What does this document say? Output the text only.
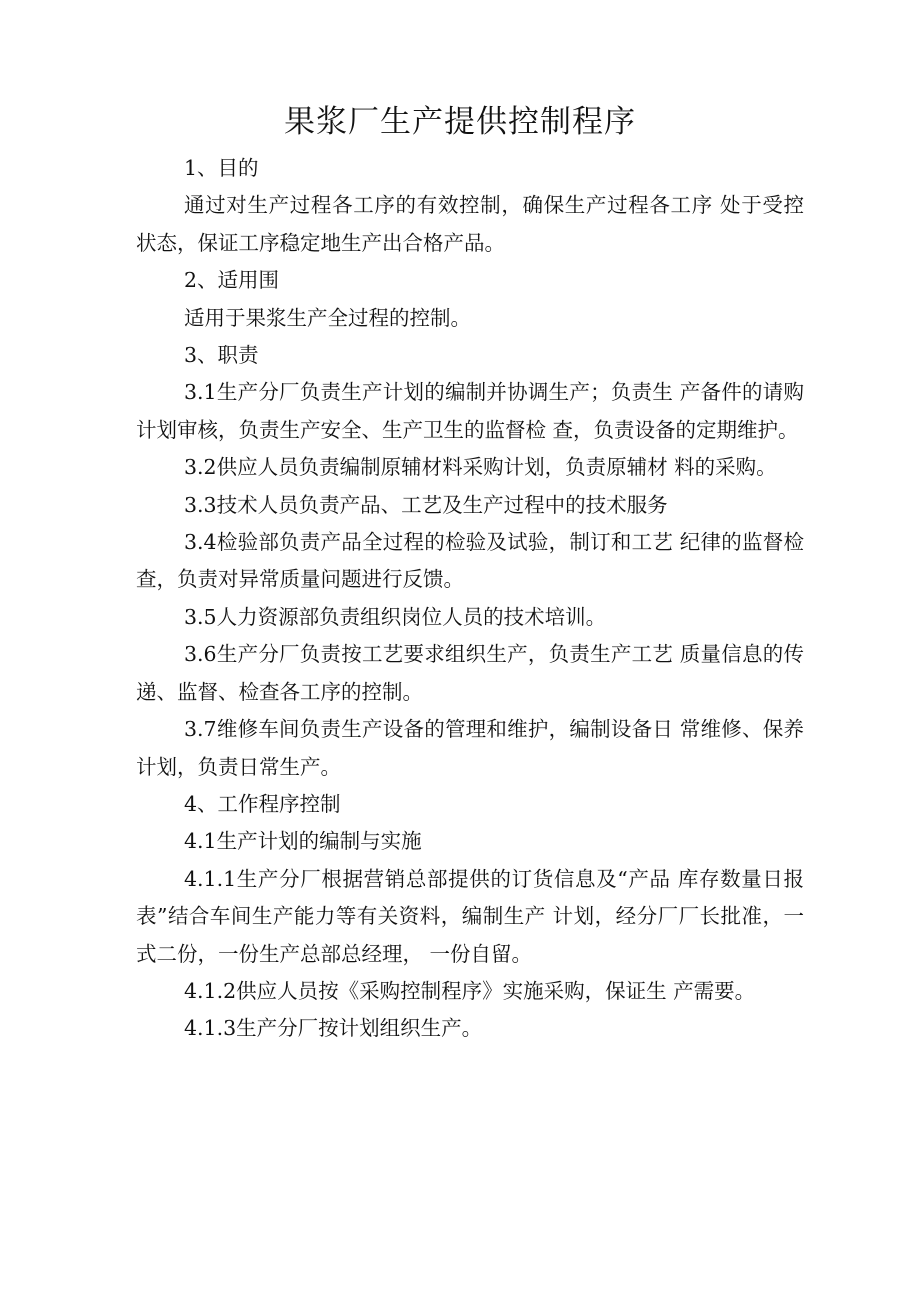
果浆厂生产提供控制程序

1、目的

通过对生产过程各工序的有效控制，确保生产过程各工序 处于受控状态，保证工序稳定地生产出合格产品。

2、适用围

适用于果浆生产全过程的控制。

3、职责

3.1生产分厂负责生产计划的编制并协调生产；负责生 产备件的请购计划审核，负责生产安全、生产卫生的监督检 查，负责设备的定期维护。

3.2供应人员负责编制原辅材料采购计划，负责原辅材 料的采购。

3.3技术人员负责产品、工艺及生产过程中的技术服务

3.4检验部负责产品全过程的检验及试验，制订和工艺 纪律的监督检查，负责对异常质量问题进行反馈。

3.5人力资源部负责组织岗位人员的技术培训。

3.6生产分厂负责按工艺要求组织生产，负责生产工艺 质量信息的传递、监督、检查各工序的控制。

3.7维修车间负责生产设备的管理和维护，编制设备日 常维修、保养计划，负责日常生产。

4、工作程序控制

4.1生产计划的编制与实施

4.1.1生产分厂根据营销总部提供的订货信息及“产品 库存数量日报表”结合车间生产能力等有关资料，编制生产 计划，经分厂厂长批准，一式二份，一份生产总部总经理， 一份自留。

4.1.2供应人员按《采购控制程序》实施采购，保证生 产需要。

4.1.3生产分厂按计划组织生产。
